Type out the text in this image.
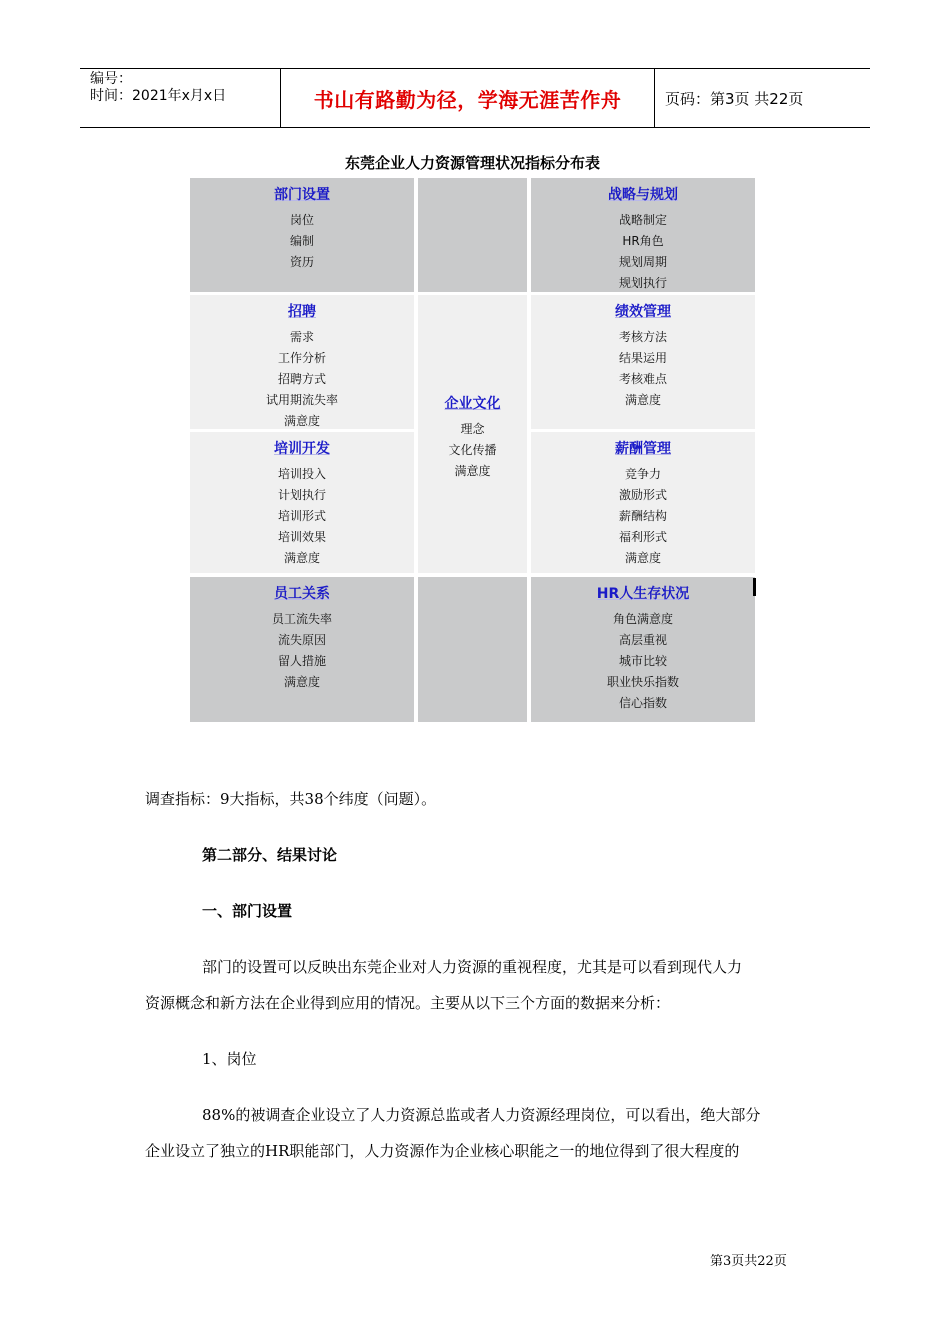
编号：
时间：2021年x月x日	书山有路勤为径，学海无涯苦作舟	页码：第3页 共22页
东莞企业人力资源管理状况指标分布表
部门设置
岗位
编制
资历
战略与规划
战略制定
HR角色
规划周期
规划执行
招聘
需求
工作分析
招聘方式
试用期流失率
满意度
企业文化
理念
文化传播
满意度
绩效管理
考核方法
结果运用
考核难点
满意度
培训开发
培训投入
计划执行
培训形式
培训效果
满意度
薪酬管理
竞争力
激励形式
薪酬结构
福利形式
满意度
员工关系
员工流失率
流失原因
留人措施
满意度
HR人生存状况
角色满意度
高层重视
城市比较
职业快乐指数
信心指数
调查指标：9大指标，共38个纬度（问题）。
第二部分、结果讨论
一、部门设置
部门的设置可以反映出东莞企业对人力资源的重视程度，尤其是可以看到现代人力
资源概念和新方法在企业得到应用的情况。主要从以下三个方面的数据来分析：
1、岗位
88%的被调查企业设立了人力资源总监或者人力资源经理岗位，可以看出，绝大部分
企业设立了独立的HR职能部门，人力资源作为企业核心职能之一的地位得到了很大程度的
第3页共22页
